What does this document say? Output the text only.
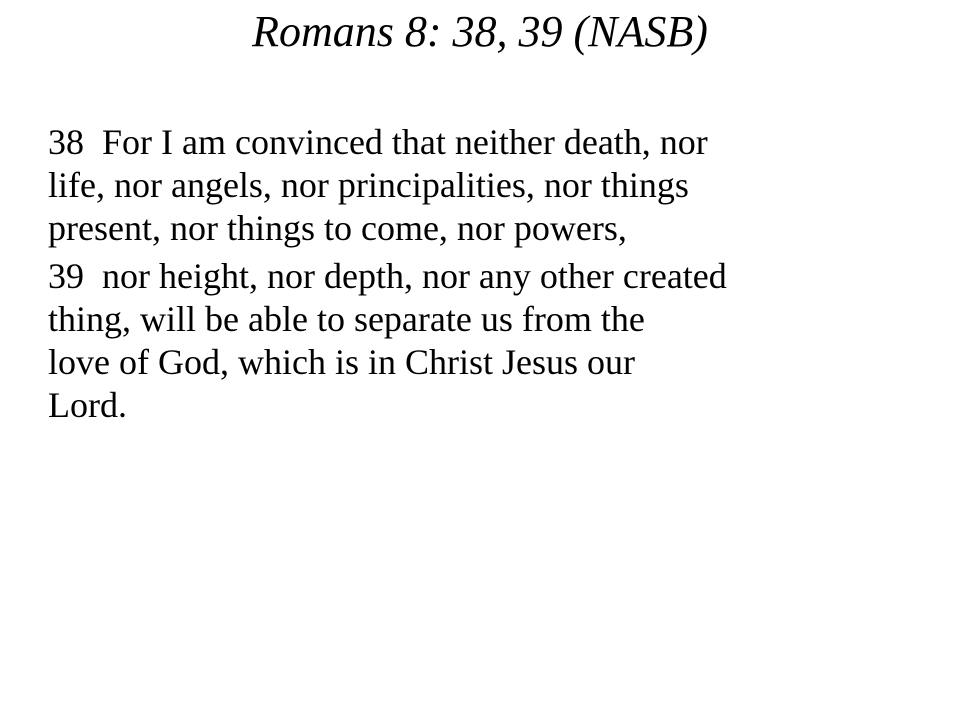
Romans 8: 38, 39 (NASB)

38 For I am convinced that neither death, nor
life, nor angels, nor principalities, nor things
present, nor things to come, nor powers,

39 nor height, nor depth, nor any other created
thing, will be able to separate us from the
love of God, which is in Christ Jesus our
Lord.
